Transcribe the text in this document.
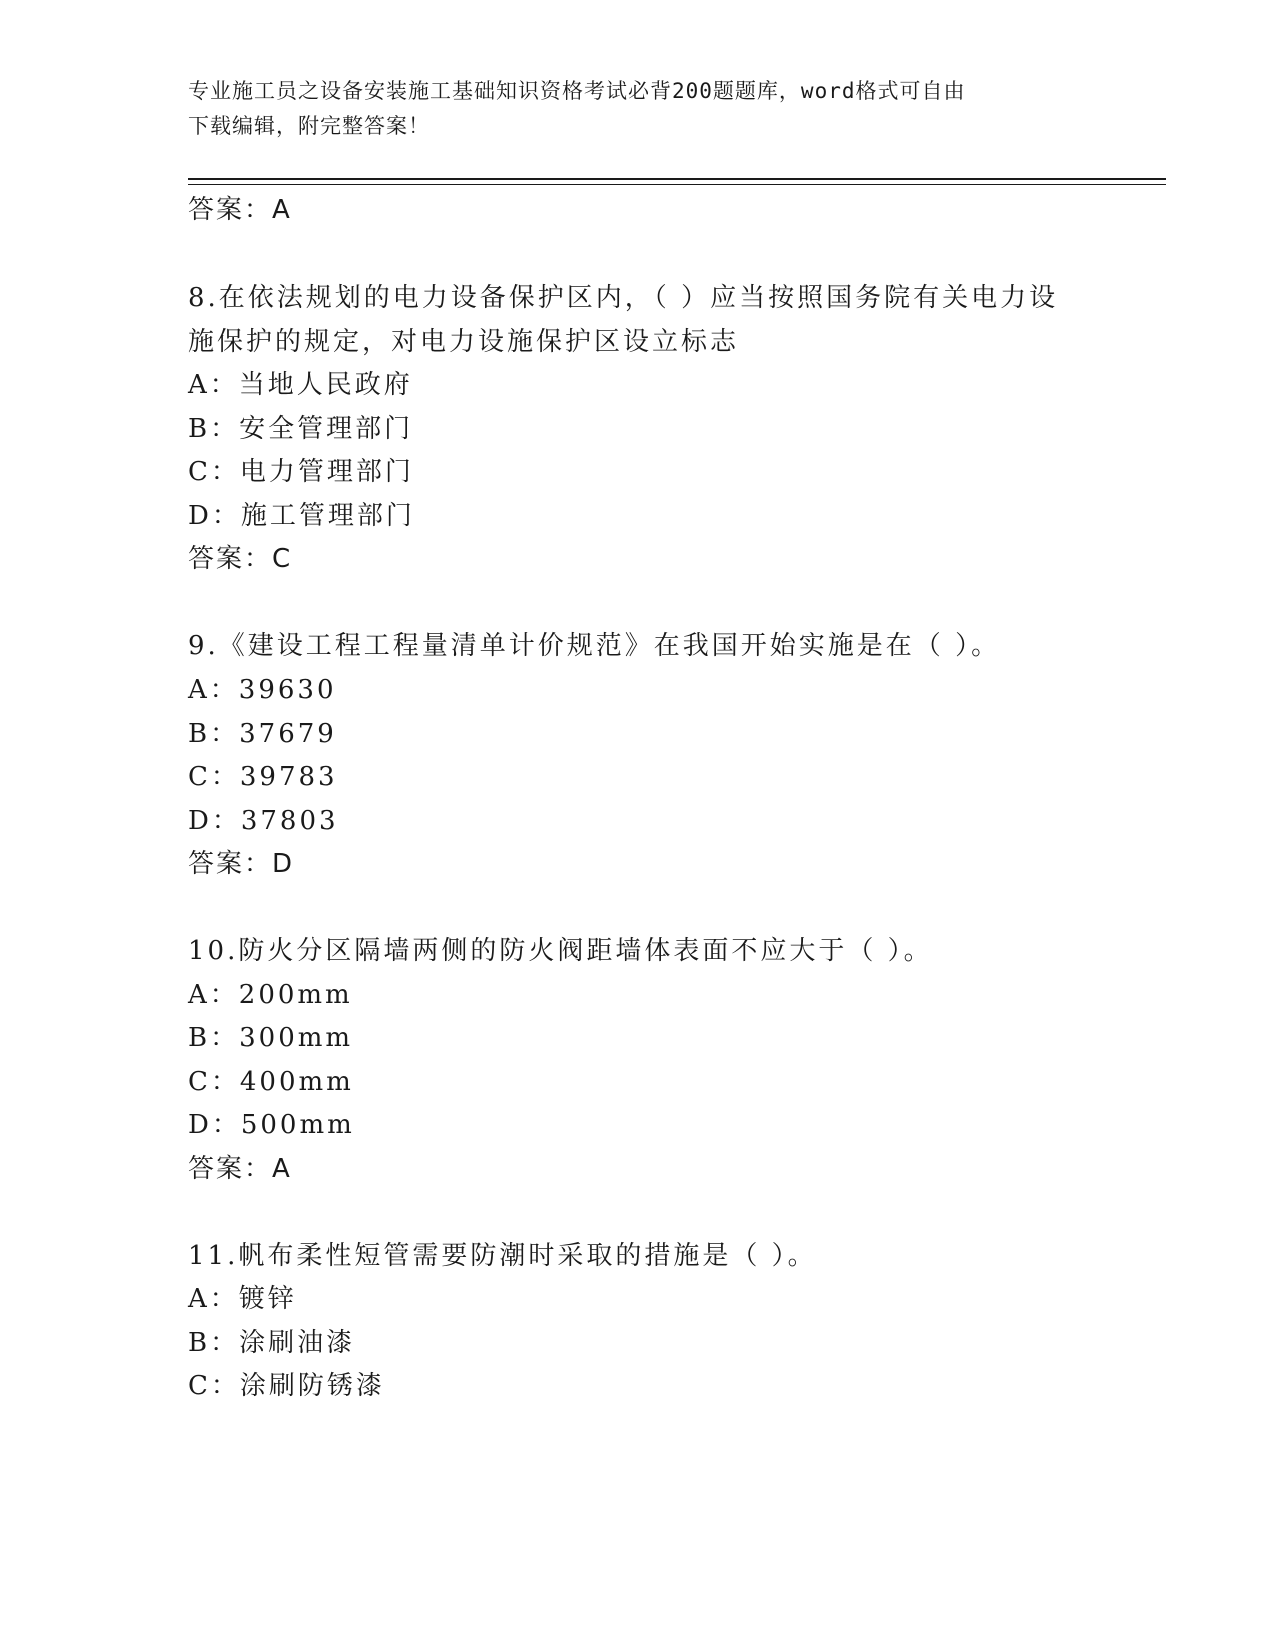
专业施工员之设备安装施工基础知识资格考试必背200题题库，word格式可自由
下载编辑，附完整答案！
答案：A
8.在依法规划的电力设备保护区内，（ ）应当按照国务院有关电力设
施保护的规定，对电力设施保护区设立标志
A：当地人民政府
B：安全管理部门
C：电力管理部门
D：施工管理部门
答案：C
9.《建设工程工程量清单计价规范》在我国开始实施是在（ ）。
A：39630
B：37679
C：39783
D：37803
答案：D
10.防火分区隔墙两侧的防火阀距墙体表面不应大于（ ）。
A：200mm
B：300mm
C：400mm
D：500mm
答案：A
11.帆布柔性短管需要防潮时采取的措施是（ ）。
A：镀锌
B：涂刷油漆
C：涂刷防锈漆
